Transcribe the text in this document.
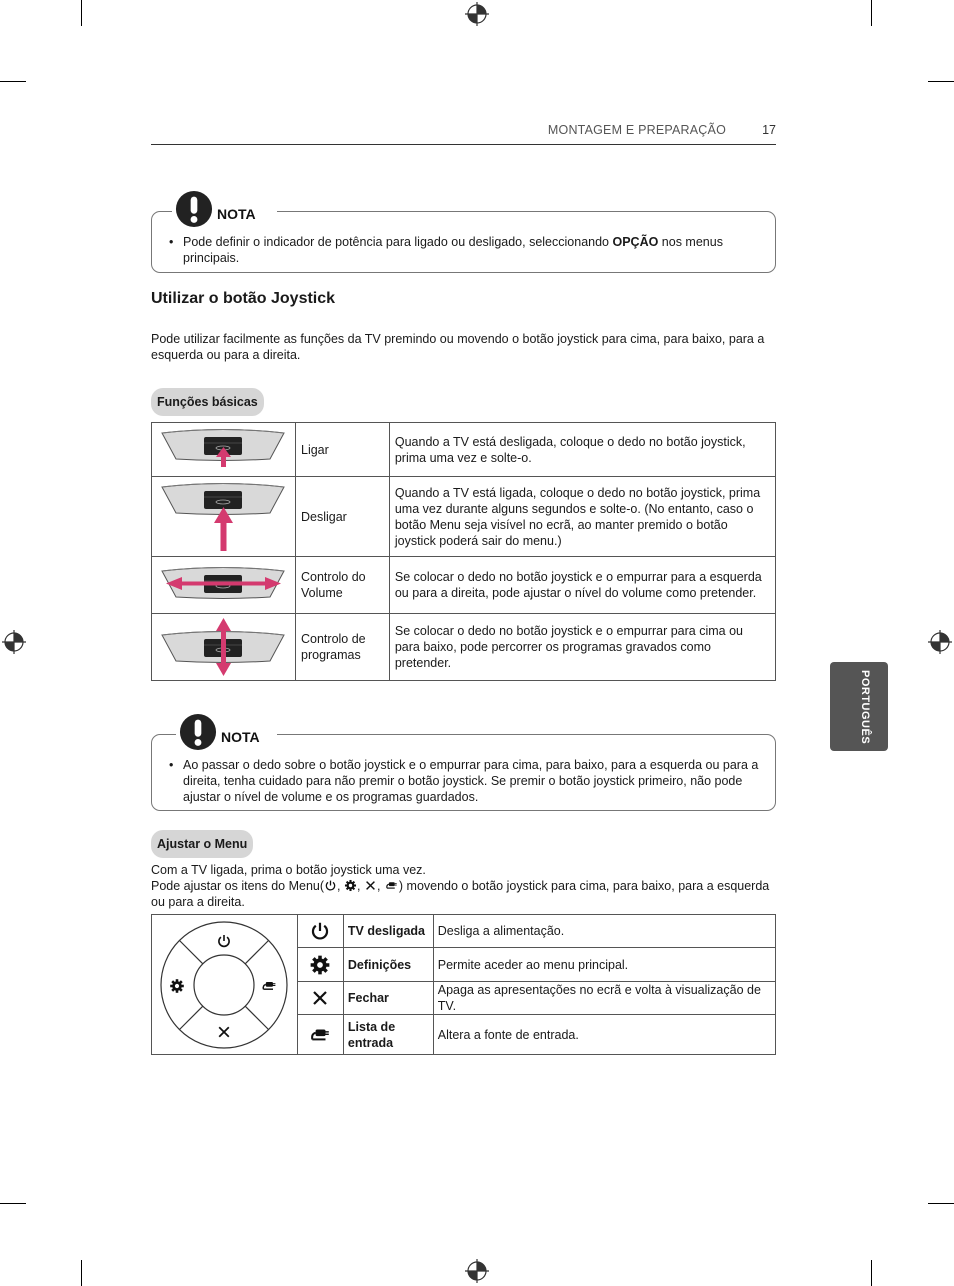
MONTAGEM E PREPARAÇÃO	17
NOTA
• Pode definir o indicador de potência para ligado ou desligado, seleccionando OPÇÃO nos menus principais.
Utilizar o botão Joystick
Pode utilizar facilmente as funções da TV premindo ou movendo o botão joystick para cima, para baixo, para a esquerda ou para a direita.
Funções básicas
	Ligar	Quando a TV está desligada, coloque o dedo no botão joystick, prima uma vez e solte-o.

	Desligar	Quando a TV está ligada, coloque o dedo no botão joystick, prima uma vez durante alguns segundos e solte-o. (No entanto, caso o botão Menu seja visível no ecrã, ao manter premido o botão joystick poderá sair do menu.)

	Controlo do Volume	Se colocar o dedo no botão joystick e o empurrar para a esquerda ou para a direita, pode ajustar o nível do volume como pretender.

	Controlo de programas	Se colocar o dedo no botão joystick e o empurrar para cima ou para baixo, pode percorrer os programas gravados como pretender.
NOTA
• Ao passar o dedo sobre o botão joystick e o empurrar para cima, para baixo, para a esquerda ou para a direita, tenha cuidado para não premir o botão joystick. Se premir o botão joystick primeiro, não pode ajustar o nível de volume e os programas guardados.
Ajustar o Menu
Com a TV ligada, prima o botão joystick uma vez.
Pode ajustar os itens do Menu( , , , ) movendo o botão joystick para cima, para baixo, para a esquerda ou para a direita.
		TV desligada	Desliga a alimentação.
	Definições	Permite aceder ao menu principal.
	Fechar	Apaga as apresentações no ecrã e volta à visualização de TV.
	Lista de entrada	Altera a fonte de entrada.
PORTUGUÊS
